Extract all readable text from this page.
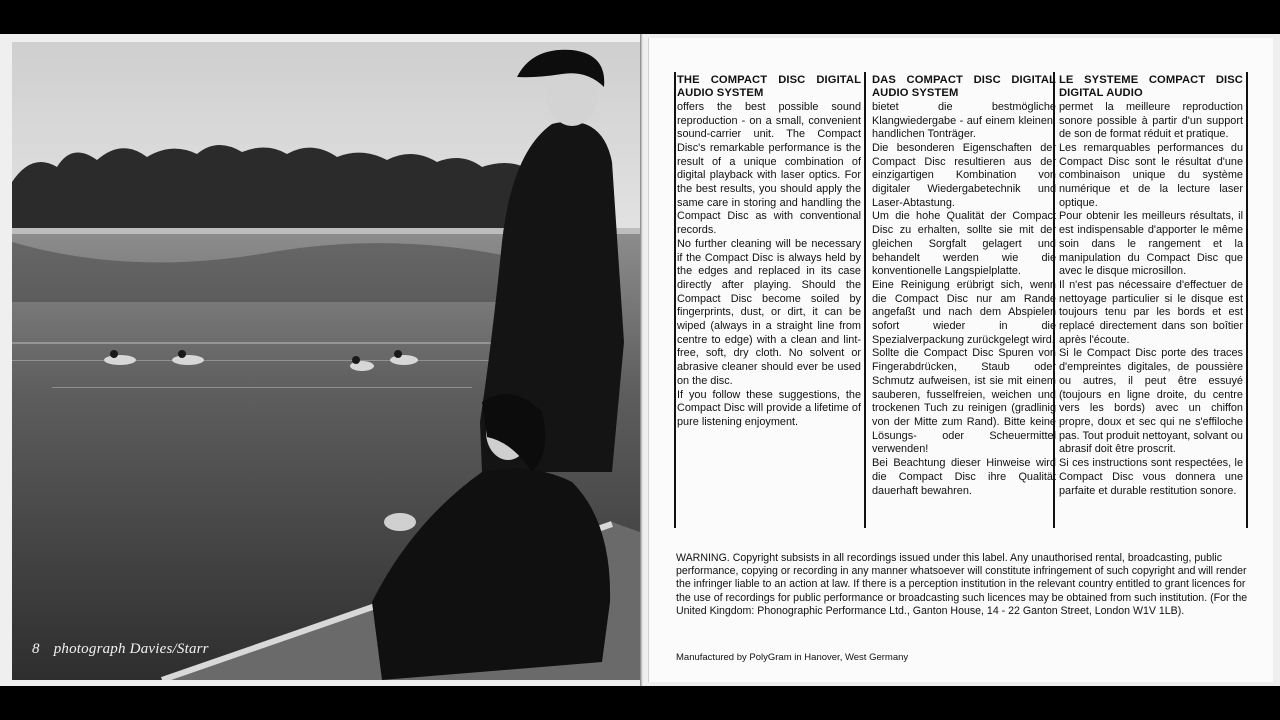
8 photograph Davies/Starr
THE COMPACT DISC DIGITAL AUDIO SYSTEM

offers the best possible sound reproduction - on a small, convenient sound-carrier unit. The Compact Disc's remarkable performance is the result of a unique combination of digital playback with laser optics. For the best results, you should apply the same care in storing and handling the Compact Disc as with conventional records.

No further cleaning will be necessary if the Compact Disc is always held by the edges and replaced in its case directly after playing. Should the Compact Disc become soiled by fingerprints, dust, or dirt, it can be wiped (always in a straight line from centre to edge) with a clean and lint-free, soft, dry cloth. No solvent or abrasive cleaner should ever be used on the disc.

If you follow these suggestions, the Compact Disc will provide a lifetime of pure listening enjoyment.

DAS COMPACT DISC DIGITAL AUDIO SYSTEM

bietet die bestmögliche Klangwiedergabe - auf einem kleinen, handlichen Tonträger.

Die besonderen Eigenschaften der Compact Disc resultieren aus der einzigartigen Kombination von digitaler Wiedergabetechnik und Laser-Abtastung.

Um die hohe Qualität der Compact Disc zu erhalten, sollte sie mit der gleichen Sorgfalt gelagert und behandelt werden wie die konventionelle Langspielplatte.

Eine Reinigung erübrigt sich, wenn die Compact Disc nur am Rande angefaßt und nach dem Abspielen sofort wieder in die Spezialverpackung zurückgelegt wird.

Sollte die Compact Disc Spuren von Fingerabdrücken, Staub oder Schmutz aufweisen, ist sie mit einem sauberen, fusselfreien, weichen und trockenen Tuch zu reinigen (gradlinig von der Mitte zum Rand). Bitte keine Lösungs- oder Scheuermittel verwenden!

Bei Beachtung dieser Hinweise wird die Compact Disc ihre Qualität dauerhaft bewahren.

LE SYSTEME COMPACT DISC DIGITAL AUDIO

permet la meilleure reproduction sonore possible à partir d'un support de son de format réduit et pratique.

Les remarquables performances du Compact Disc sont le résultat d'une combinaison unique du système numérique et de la lecture laser optique.

Pour obtenir les meilleurs résultats, il est indispensable d'apporter le même soin dans le rangement et la manipulation du Compact Disc que avec le disque microsillon.

Il n'est pas nécessaire d'effectuer de nettoyage particulier si le disque est toujours tenu par les bords et est replacé directement dans son boîtier après l'écoute.

Si le Compact Disc porte des traces d'empreintes digitales, de poussière ou autres, il peut être essuyé (toujours en ligne droite, du centre vers les bords) avec un chiffon propre, doux et sec qui ne s'effiloche pas. Tout produit nettoyant, solvant ou abrasif doit être proscrit.

Si ces instructions sont respectées, le Compact Disc vous donnera une parfaite et durable restitution sonore.

WARNING. Copyright subsists in all recordings issued under this label. Any unauthorised rental, broadcasting, public performance, copying or recording in any manner whatsoever will constitute infringement of such copyright and will render the infringer liable to an action at law. If there is a perception institution in the relevant country entitled to grant licences for the use of recordings for public performance or broadcasting such licences may be obtained from such institution. (For the United Kingdom: Phonographic Performance Ltd., Ganton House, 14 - 22 Ganton Street, London W1V 1LB).
Manufactured by PolyGram in Hanover, West Germany
